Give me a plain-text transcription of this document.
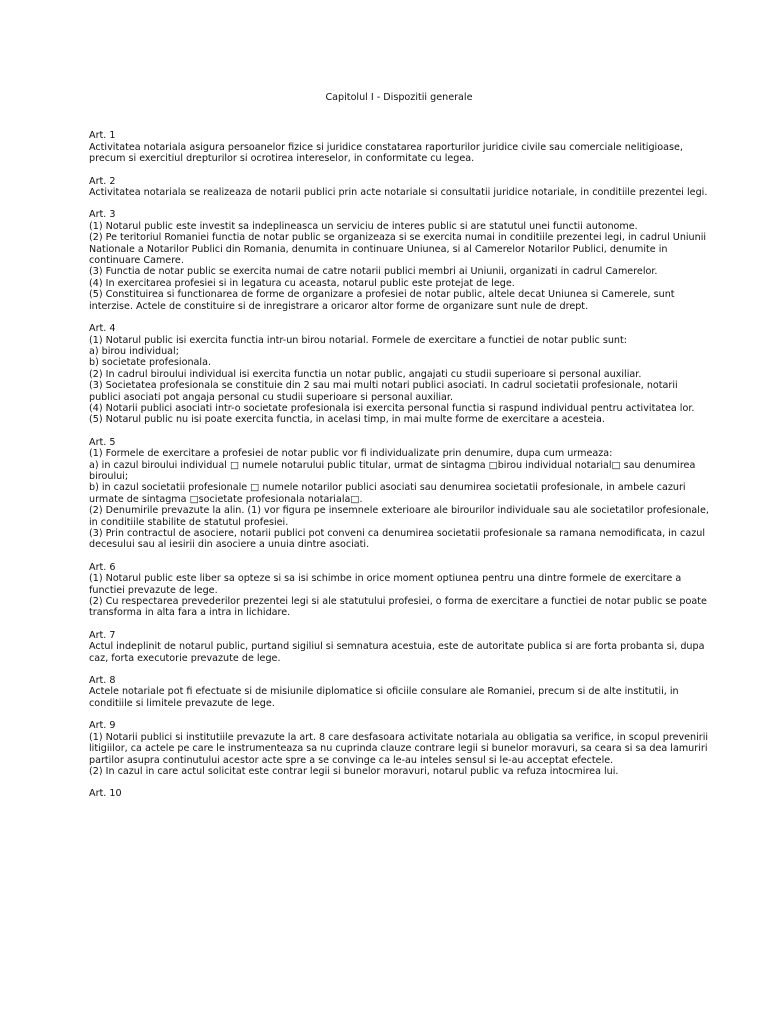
Capitolul I - Dispozitii generale

Art. 1

Activitatea notariala asigura persoanelor fizice si juridice constatarea raporturilor juridice civile sau comerciale nelitigioase, precum si exercitiul drepturilor si ocrotirea intereselor, in conformitate cu legea.

Art. 2

Activitatea notariala se realizeaza de notarii publici prin acte notariale si consultatii juridice notariale, in conditiile prezentei legi.

Art. 3

(1) Notarul public este investit sa indeplineasca un serviciu de interes public si are statutul unei functii autonome.

(2) Pe teritoriul Romaniei functia de notar public se organizeaza si se exercita numai in conditiile prezentei legi, in cadrul Uniunii Nationale a Notarilor Publici din Romania, denumita in continuare Uniunea, si al Camerelor Notarilor Publici, denumite in continuare Camere.

(3) Functia de notar public se exercita numai de catre notarii publici membri ai Uniunii, organizati in cadrul Camerelor.

(4) In exercitarea profesiei si in legatura cu aceasta, notarul public este protejat de lege.

(5) Constituirea si functionarea de forme de organizare a profesiei de notar public, altele decat Uniunea si Camerele, sunt interzise. Actele de constituire si de inregistrare a oricaror altor forme de organizare sunt nule de drept.

Art. 4

(1) Notarul public isi exercita functia intr-un birou notarial. Formele de exercitare a functiei de notar public sunt:

a) birou individual;

b) societate profesionala.

(2) In cadrul biroului individual isi exercita functia un notar public, angajati cu studii superioare si personal auxiliar.

(3) Societatea profesionala se constituie din 2 sau mai multi notari publici asociati. In cadrul societatii profesionale, notarii publici asociati pot angaja personal cu studii superioare si personal auxiliar.

(4) Notarii publici asociati intr-o societate profesionala isi exercita personal functia si raspund individual pentru activitatea lor.

(5) Notarul public nu isi poate exercita functia, in acelasi timp, in mai multe forme de exercitare a acesteia.

Art. 5

(1) Formele de exercitare a profesiei de notar public vor fi individualizate prin denumire, dupa cum urmeaza:

a) in cazul biroului individual □ numele notarului public titular, urmat de sintagma □birou individual notarial□ sau denumirea biroului;

b) in cazul societatii profesionale □ numele notarilor publici asociati sau denumirea societatii profesionale, in ambele cazuri urmate de sintagma □societate profesionala notariala□.

(2) Denumirile prevazute la alin. (1) vor figura pe insemnele exterioare ale birourilor individuale sau ale societatilor profesionale, in conditiile stabilite de statutul profesiei.

(3) Prin contractul de asociere, notarii publici pot conveni ca denumirea societatii profesionale sa ramana nemodificata, in cazul decesului sau al iesirii din asociere a unuia dintre asociati.

Art. 6

(1) Notarul public este liber sa opteze si sa isi schimbe in orice moment optiunea pentru una dintre formele de exercitare a functiei prevazute de lege.

(2) Cu respectarea prevederilor prezentei legi si ale statutului profesiei, o forma de exercitare a functiei de notar public se poate transforma in alta fara a intra in lichidare.

Art. 7

Actul indeplinit de notarul public, purtand sigiliul si semnatura acestuia, este de autoritate publica si are forta probanta si, dupa caz, forta executorie prevazute de lege.

Art. 8

Actele notariale pot fi efectuate si de misiunile diplomatice si oficiile consulare ale Romaniei, precum si de alte institutii, in conditiile si limitele prevazute de lege.

Art. 9

(1) Notarii publici si institutiile prevazute la art. 8 care desfasoara activitate notariala au obligatia sa verifice, in scopul prevenirii litigiilor, ca actele pe care le instrumenteaza sa nu cuprinda clauze contrare legii si bunelor moravuri, sa ceara si sa dea lamuriri partilor asupra continutului acestor acte spre a se convinge ca le-au inteles sensul si le-au acceptat efectele.

(2) In cazul in care actul solicitat este contrar legii si bunelor moravuri, notarul public va refuza intocmirea lui.

Art. 10
